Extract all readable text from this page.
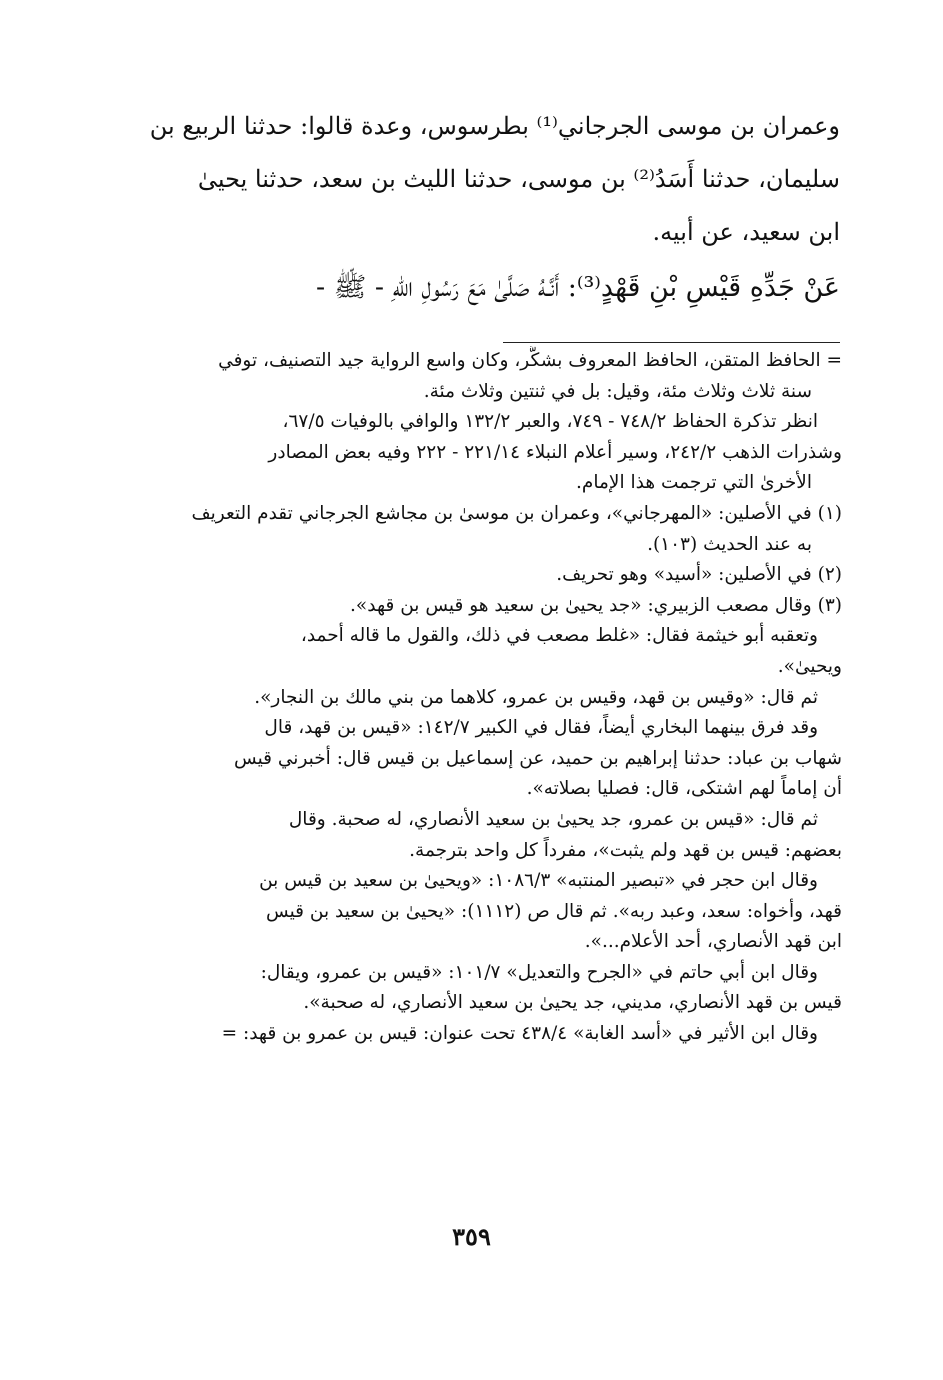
وعمران بن موسى الجرجاني⁽¹⁾ بطرسوس، وعدة قالوا: حدثنا الربيع بن
سليمان، حدثنا أَسَدُ⁽²⁾ بن موسى، حدثنا الليث بن سعد، حدثنا يحيىٰ
ابن سعيد، عن أبيه.
عَنْ جَدِّهِ قَيْسِ بْنِ قَهْدٍ⁽³⁾: أَنَّـهُ صَلَّىٰ مَعَ رَسُولِ اللهِ - ﷺ -
= الحافظ المتقن، الحافظ المعروف بشكَّر، وكان واسع الرواية جيد التصنيف، توفي
سنة ثلاث وثلاث مئة، وقيل: بل في ثنتين وثلاث مئة.
انظر تذكرة الحفاظ ٧٤٨/٢ - ٧٤٩، والعبر ١٣٢/٢ والوافي بالوفيات ٦٧/٥،
وشذرات الذهب ٢٤٢/٢، وسير أعلام النبلاء ٢٢١/١٤ - ٢٢٢ وفيه بعض المصادر
الأخرىٰ التي ترجمت هذا الإمام.
(١) في الأصلين: «المهرجاني»، وعمران بن موسىٰ بن مجاشع الجرجاني تقدم التعريف
به عند الحديث (١٠٣).
(٢) في الأصلين: «أسيد» وهو تحريف.
(٣) وقال مصعب الزبيري: «جد يحيىٰ بن سعيد هو قيس بن قهد».
وتعقبه أبو خيثمة فقال: «غلط مصعب في ذلك، والقول ما قاله أحمد،
ويحيىٰ».
ثم قال: «وقيس بن قهد، وقيس بن عمرو، كلاهما من بني مالك بن النجار».
وقد فرق بينهما البخاري أيضاً، فقال في الكبير ١٤٢/٧: «قيس بن قهد، قال
شهاب بن عباد: حدثنا إبراهيم بن حميد، عن إسماعيل بن قيس قال: أخبرني قيس
أن إماماً لهم اشتكى، قال: فصليا بصلاته».
ثم قال: «قيس بن عمرو، جد يحيىٰ بن سعيد الأنصاري، له صحبة. وقال
بعضهم: قيس بن قهد ولم يثبت»، مفرداً كل واحد بترجمة.
وقال ابن حجر في «تبصير المنتبه» ١٠٨٦/٣: «ويحيىٰ بن سعيد بن قيس بن
قهد، وأخواه: سعد، وعبد ربه». ثم قال ص (١١١٢): «يحيىٰ بن سعيد بن قيس
ابن قهد الأنصاري، أحد الأعلام...».
وقال ابن أبي حاتم في «الجرح والتعديل» ١٠١/٧: «قيس بن عمرو، ويقال:
قيس بن قهد الأنصاري، مديني، جد يحيىٰ بن سعيد الأنصاري، له صحبة».
وقال ابن الأثير في «أسد الغابة» ٤٣٨/٤ تحت عنوان: قيس بن عمرو بن قهد: =
٣٥٩
